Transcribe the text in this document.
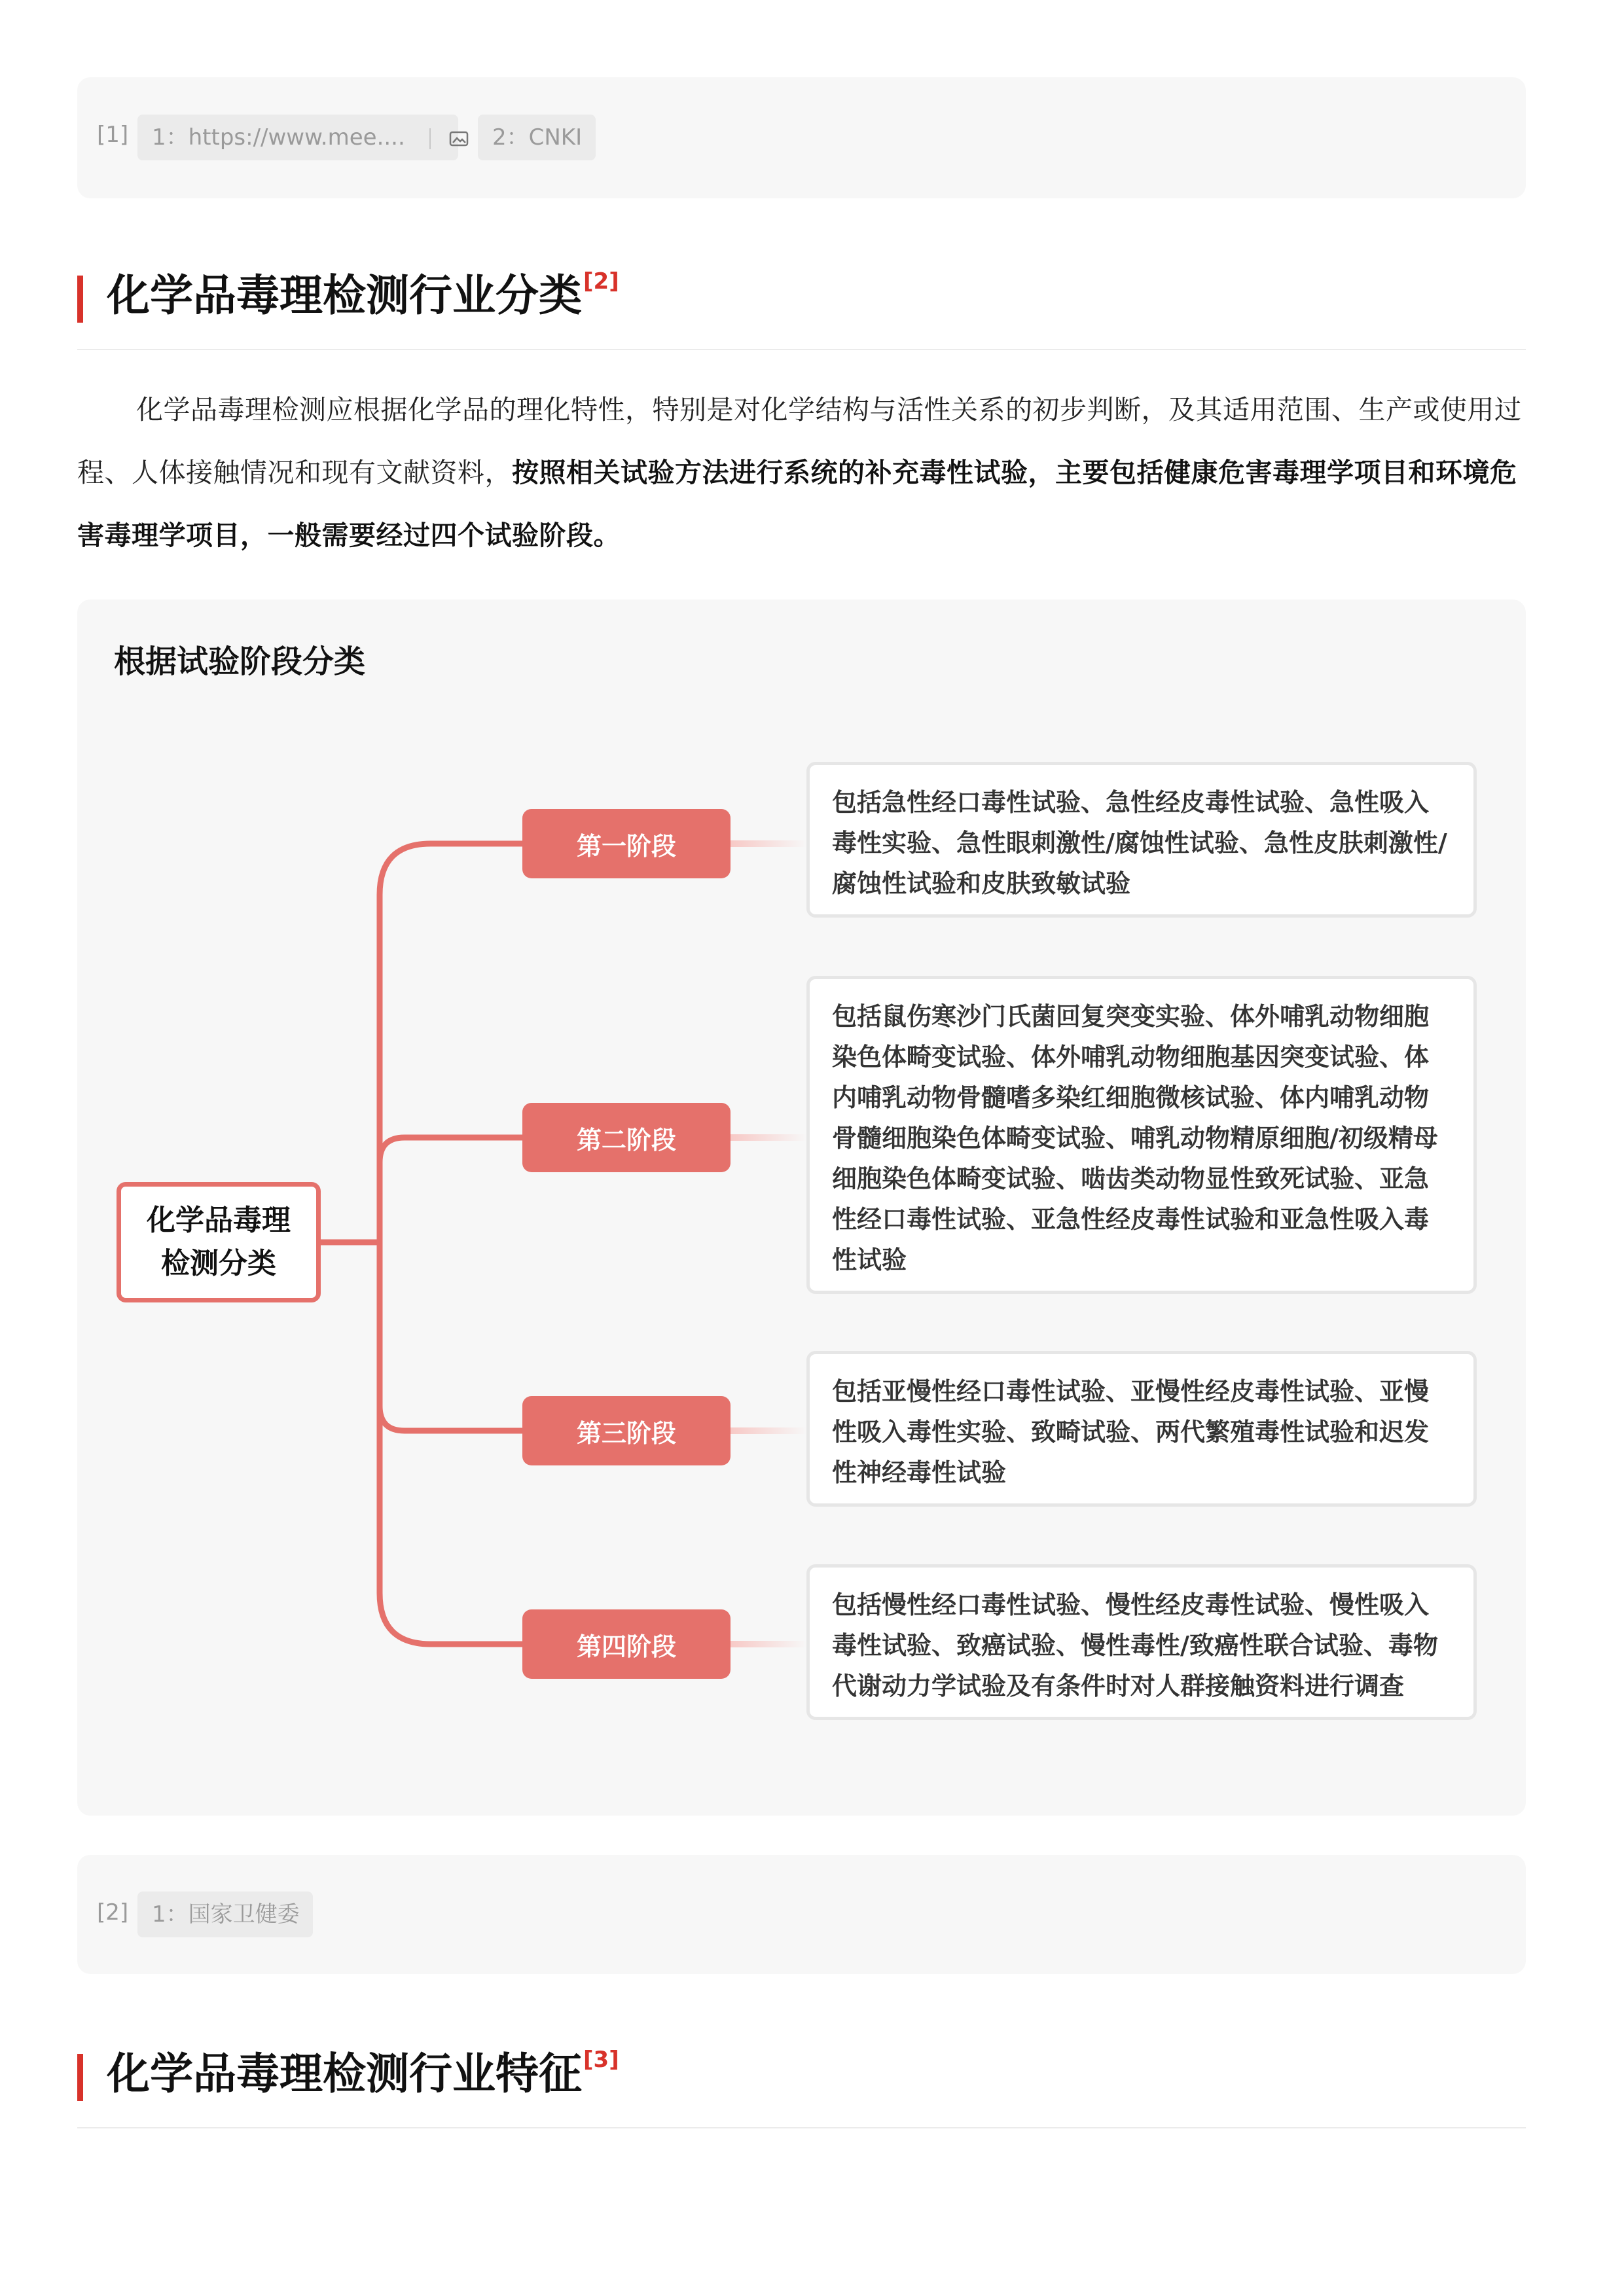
[1]	1：https://www.mee....	2：CNKI
化学品毒理检测行业分类[2]
化学品毒理检测应根据化学品的理化特性，特别是对化学结构与活性关系的初步判断，及其适用范围、生产或使用过程、人体接触情况和现有文献资料，按照相关试验方法进行系统的补充毒性试验，主要包括健康危害毒理学项目和环境危害毒理学项目，一般需要经过四个试验阶段。
根据试验阶段分类
化学品毒理
检测分类
第一阶段
第二阶段
第三阶段
第四阶段
包括急性经口毒性试验、急性经皮毒性试验、急性吸入毒性实验、急性眼刺激性/腐蚀性试验、急性皮肤刺激性/腐蚀性试验和皮肤致敏试验
包括鼠伤寒沙门氏菌回复突变实验、体外哺乳动物细胞染色体畸变试验、体外哺乳动物细胞基因突变试验、体内哺乳动物骨髓嗜多染红细胞微核试验、体内哺乳动物骨髓细胞染色体畸变试验、哺乳动物精原细胞/初级精母细胞染色体畸变试验、啮齿类动物显性致死试验、亚急性经口毒性试验、亚急性经皮毒性试验和亚急性吸入毒性试验
包括亚慢性经口毒性试验、亚慢性经皮毒性试验、亚慢性吸入毒性实验、致畸试验、两代繁殖毒性试验和迟发性神经毒性试验
包括慢性经口毒性试验、慢性经皮毒性试验、慢性吸入毒性试验、致癌试验、慢性毒性/致癌性联合试验、毒物代谢动力学试验及有条件时对人群接触资料进行调查
[2]	1：国家卫健委
化学品毒理检测行业特征[3]
